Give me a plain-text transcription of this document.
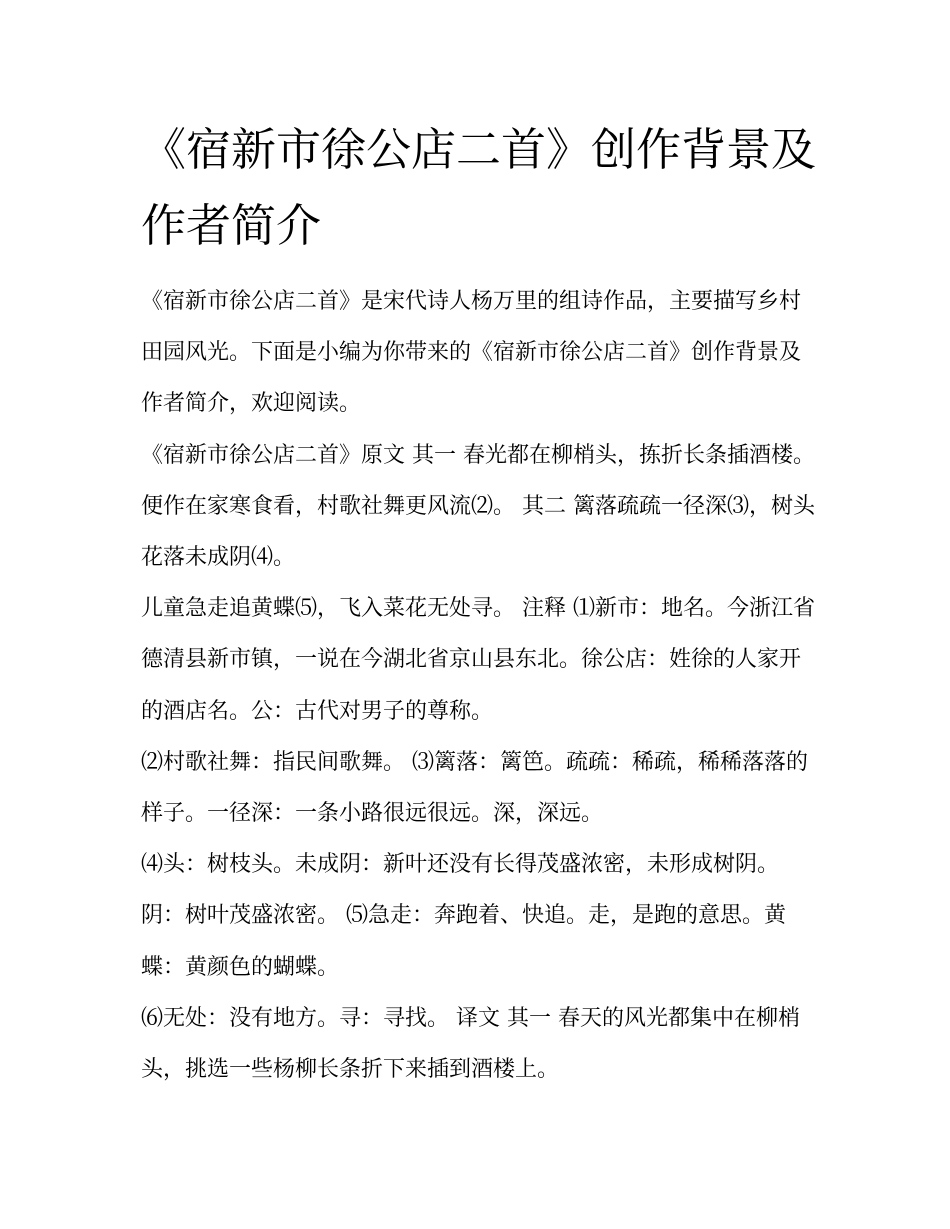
《宿新市徐公店二首》创作背景及作者简介

《宿新市徐公店二首》是宋代诗人杨万里的组诗作品，主要描写乡村田园风光。下面是小编为你带来的《宿新市徐公店二首》创作背景及作者简介，欢迎阅读。

《宿新市徐公店二首》原文 其一 春光都在柳梢头，拣折长条插酒楼。 便作在家寒食看，村歌社舞更风流⑵。 其二 篱落疏疏一径深⑶，树头花落未成阴⑷。

儿童急走追黄蝶⑸，飞入菜花无处寻。 注释 ⑴新市：地名。今浙江省德清县新市镇，一说在今湖北省京山县东北。徐公店：姓徐的人家开的酒店名。公：古代对男子的尊称。

⑵村歌社舞：指民间歌舞。 ⑶篱落：篱笆。疏疏：稀疏，稀稀落落的样子。一径深：一条小路很远很远。深，深远。

⑷头：树枝头。未成阴：新叶还没有长得茂盛浓密，未形成树阴。阴：树叶茂盛浓密。 ⑸急走：奔跑着、快追。走，是跑的意思。黄蝶：黄颜色的蝴蝶。

⑹无处：没有地方。寻：寻找。 译文 其一 春天的风光都集中在柳梢头，挑选一些杨柳长条折下来插到酒楼上。
